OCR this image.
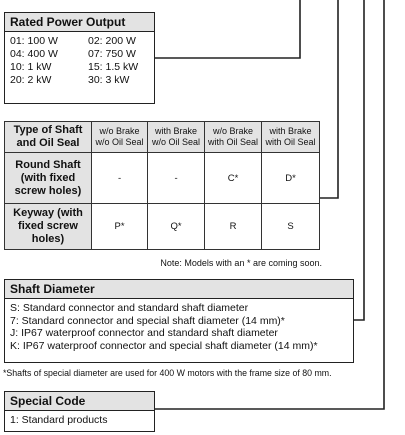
Rated Power Output
01: 100 W	02: 200 W
04: 400 W	07: 750 W
10: 1 kW	15: 1.5 kW
20: 2 kW	30: 3 kW
Type of Shaft and Oil Seal	w/o Brake w/o Oil Seal	with Brake w/o Oil Seal	w/o Brake with Oil Seal	with Brake with Oil Seal
Round Shaft (with fixed screw holes)	-	-	C*	D*
Keyway (with fixed screw holes)	P*	Q*	R	S
Note: Models with an * are coming soon.
Shaft Diameter
S: Standard connector and standard shaft diameter
7: Standard connector and special shaft diameter (14 mm)*
J: IP67 waterproof connector and standard shaft diameter
K: IP67 waterproof connector and special shaft diameter (14 mm)*
*Shafts of special diameter are used for 400 W motors with the frame size of 80 mm.
Special Code
1: Standard products
